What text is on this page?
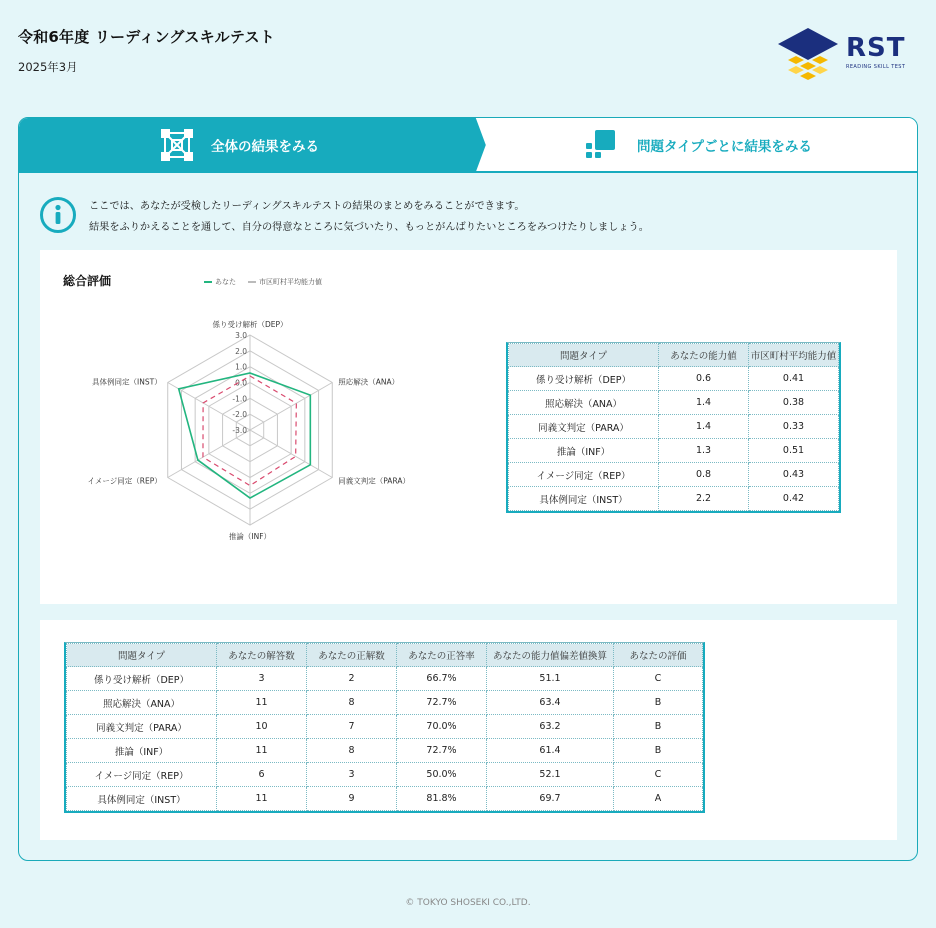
令和6年度 リーディングスキルテスト
2025年3月
RST
READING SKILL TEST
問題タイプごとに結果をみる
全体の結果をみる
ここでは、あなたが受検したリーディングスキルテストの結果のまとめをみることができます。
結果をふりかえることを通して、自分の得意なところに気づいたり、もっとがんばりたいところをみつけたりしましょう。
総合評価	あなた	市区町村平均能力値
3.0
2.0
1.0
0.0
-1.0
-2.0
-3.0
係り受け解析（DEP）
照応解決（ANA）
同義文判定（PARA）
推論（INF）
イメージ同定（REP）
具体例同定（INST）
問題タイプ	あなたの能力値	市区町村平均能力値
係り受け解析（DEP）	0.6	0.41
照応解決（ANA）	1.4	0.38
同義文判定（PARA）	1.4	0.33
推論（INF）	1.3	0.51
イメージ同定（REP）	0.8	0.43
具体例同定（INST）	2.2	0.42
問題タイプ	あなたの解答数	あなたの正解数	あなたの正答率	あなたの能力値偏差値換算	あなたの評価
係り受け解析（DEP）	3	2	66.7%	51.1	C
照応解決（ANA）	11	8	72.7%	63.4	B
同義文判定（PARA）	10	7	70.0%	63.2	B
推論（INF）	11	8	72.7%	61.4	B
イメージ同定（REP）	6	3	50.0%	52.1	C
具体例同定（INST）	11	9	81.8%	69.7	A
© TOKYO SHOSEKI CO.,LTD.
